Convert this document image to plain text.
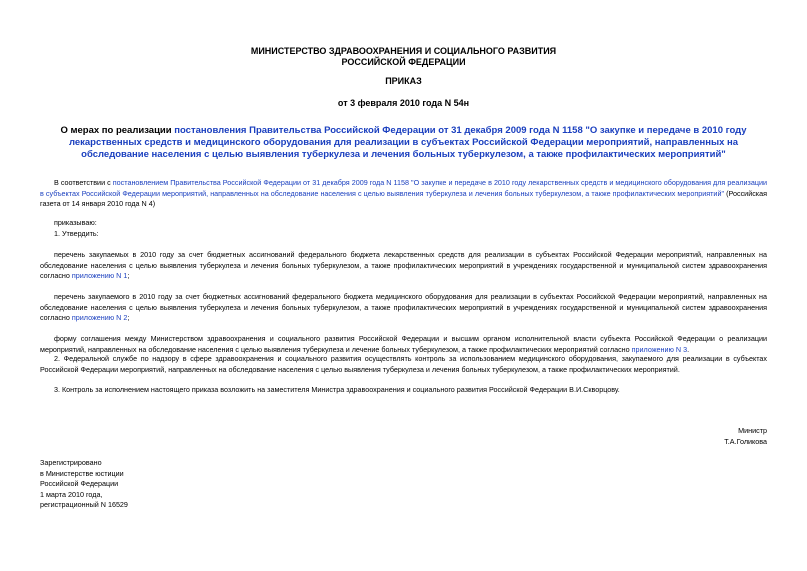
МИНИСТЕРСТВО ЗДРАВООХРАНЕНИЯ И СОЦИАЛЬНОГО РАЗВИТИЯ
РОССИЙСКОЙ ФЕДЕРАЦИИ
ПРИКАЗ
от 3 февраля 2010 года N 54н
О мерах по реализации постановления Правительства Российской Федерации от 31 декабря 2009 года N 1158 "О закупке и передаче в 2010 году лекарственных средств и медицинского оборудования для реализации в субъектах Российской Федерации мероприятий, направленных на обследование населения с целью выявления туберкулеза и лечения больных туберкулезом, а также профилактических мероприятий"
В соответствии с постановлением Правительства Российской Федерации от 31 декабря 2009 года N 1158 "О закупке и передаче в 2010 году лекарственных средств и медицинского оборудования для реализации в субъектах Российской Федерации мероприятий, направленных на обследование населения с целью выявления туберкулеза и лечения больных туберкулезом, а также профилактических мероприятий" (Российская газета от 14 января 2010 года N 4)
приказываю:
1. Утвердить:
перечень закупаемых в 2010 году за счет бюджетных ассигнований федерального бюджета лекарственных средств для реализации в субъектах Российской Федерации мероприятий, направленных на обследование населения с целью выявления туберкулеза и лечения больных туберкулезом, а также профилактических мероприятий в учреждениях государственной и муниципальной систем здравоохранения согласно приложению N 1;
перечень закупаемого в 2010 году за счет бюджетных ассигнований федерального бюджета медицинского оборудования для реализации в субъектах Российской Федерации мероприятий, направленных на обследование населения с целью выявления туберкулеза и лечения больных туберкулезом, а также профилактических мероприятий в учреждениях государственной и муниципальной систем здравоохранения согласно приложению N 2;
форму соглашения между Министерством здравоохранения и социального развития Российской Федерации и высшим органом исполнительной власти субъекта Российской Федерации о реализации мероприятий, направленных на обследование населения с целью выявления туберкулеза и лечение больных туберкулезом, а также профилактических мероприятий согласно приложению N 3.
2. Федеральной службе по надзору в сфере здравоохранения и социального развития осуществлять контроль за использованием медицинского оборудования, закупаемого для реализации в субъектах Российской Федерации мероприятий, направленных на обследование населения с целью выявления туберкулеза и лечения больных туберкулезом, а также профилактических мероприятий.
3. Контроль за исполнением настоящего приказа возложить на заместителя Министра здравоохранения и социального развития Российской Федерации В.И.Скворцову.
Министр
Т.А.Голикова
Зарегистрировано
в Министерстве юстиции
Российской Федерации
1 марта 2010 года,
регистрационный N 16529
